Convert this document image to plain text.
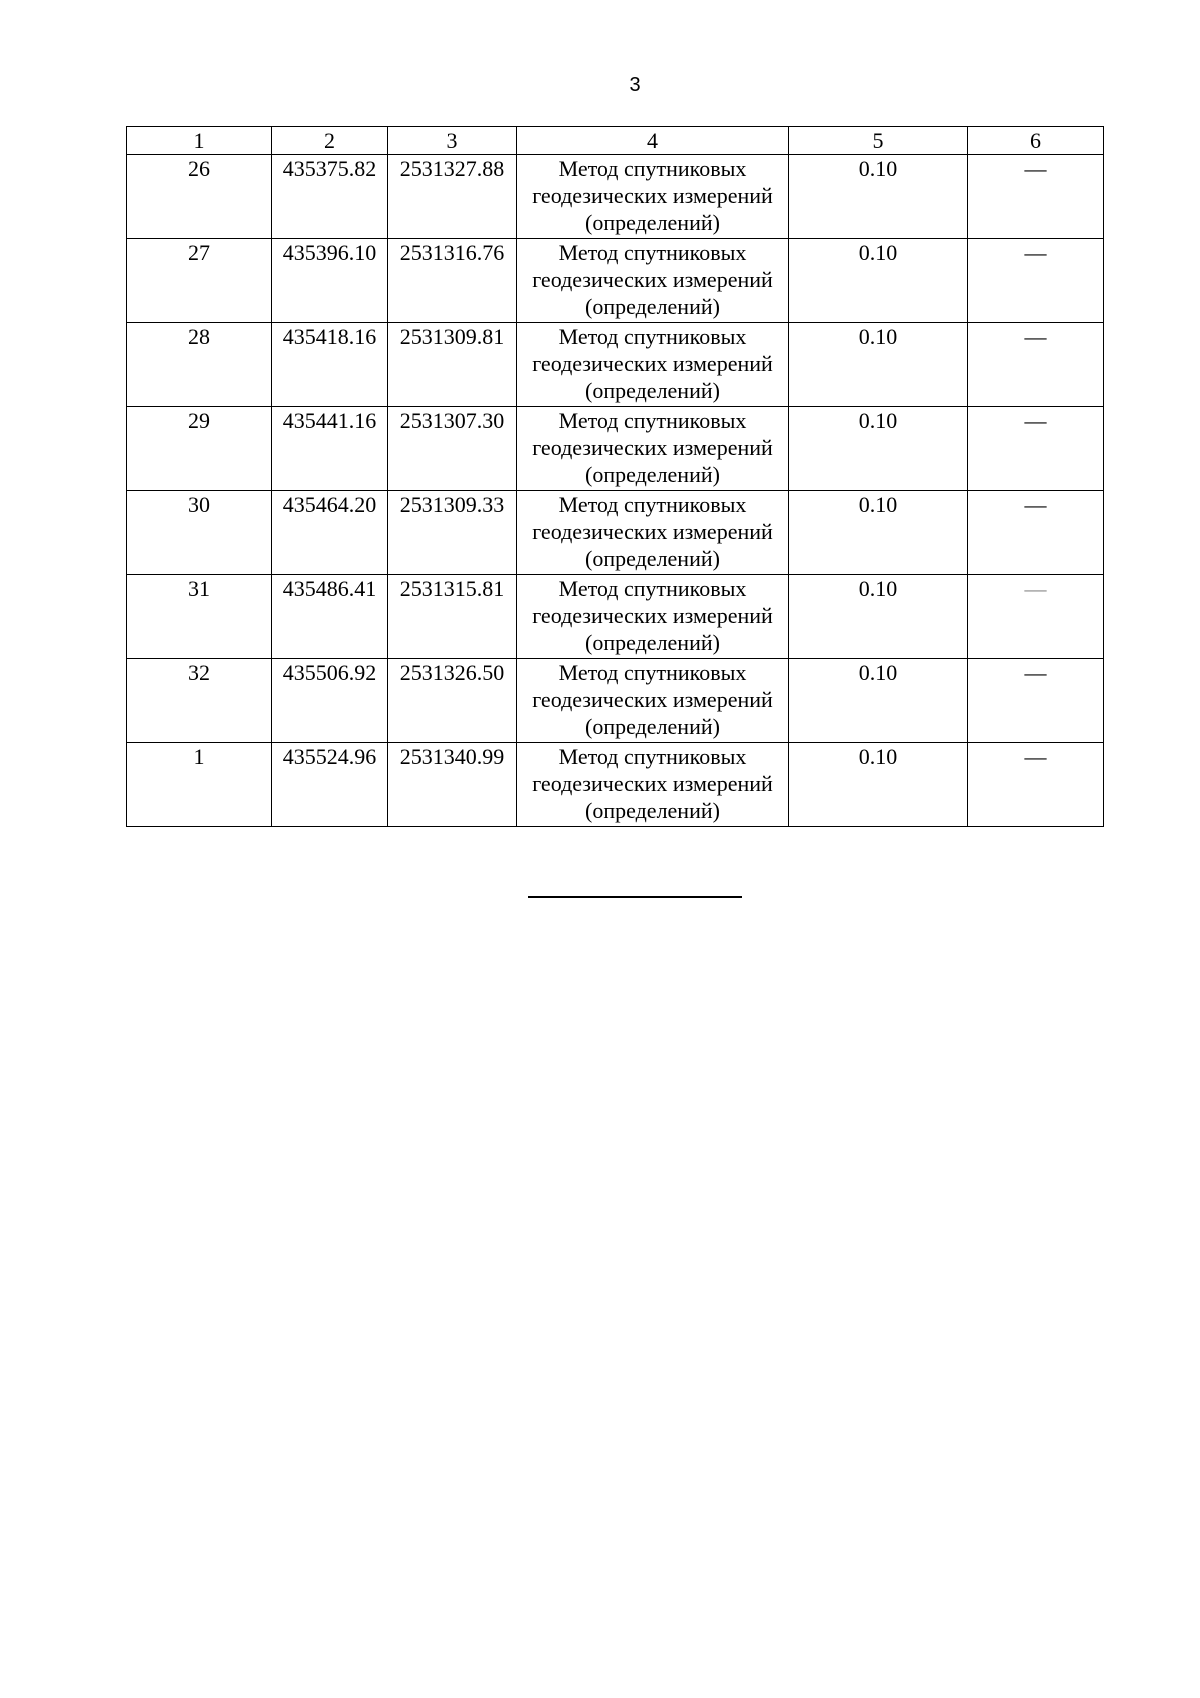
3
1	2	3	4	5	6
26	435375.82	2531327.88	Метод спутниковых
геодезических измерений
(определений)	0.10	—
27	435396.10	2531316.76	Метод спутниковых
геодезических измерений
(определений)	0.10	—
28	435418.16	2531309.81	Метод спутниковых
геодезических измерений
(определений)	0.10	—
29	435441.16	2531307.30	Метод спутниковых
геодезических измерений
(определений)	0.10	—
30	435464.20	2531309.33	Метод спутниковых
геодезических измерений
(определений)	0.10	—
31	435486.41	2531315.81	Метод спутниковых
геодезических измерений
(определений)	0.10	—
32	435506.92	2531326.50	Метод спутниковых
геодезических измерений
(определений)	0.10	—
1	435524.96	2531340.99	Метод спутниковых
геодезических измерений
(определений)	0.10	—
